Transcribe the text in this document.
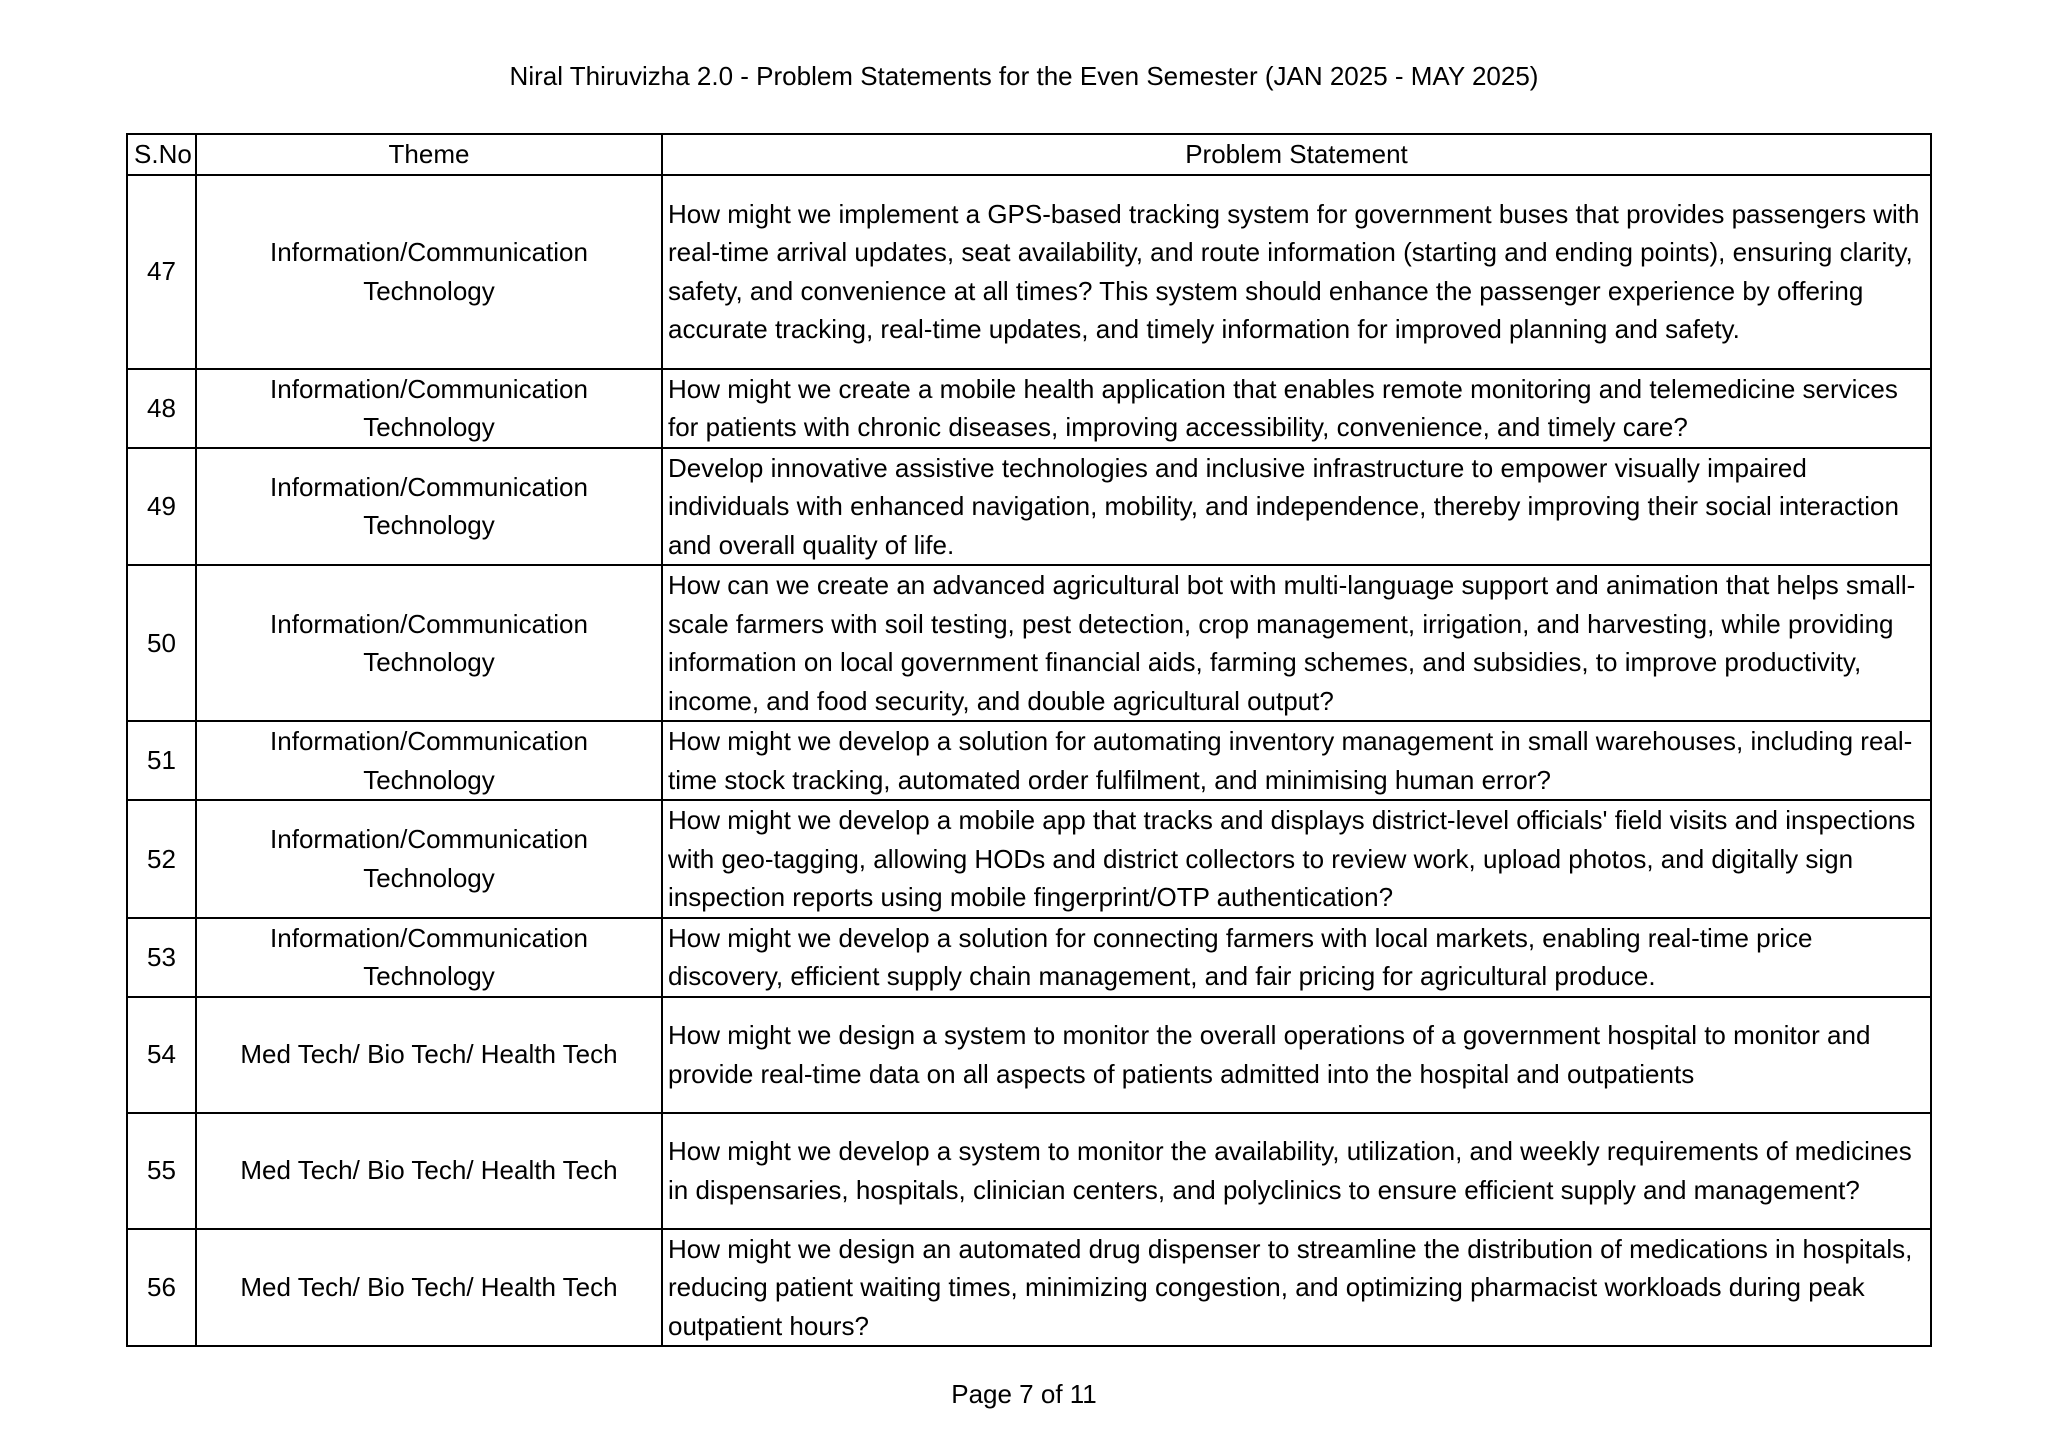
Niral Thiruvizha 2.0 - Problem Statements for the Even Semester (JAN 2025 - MAY 2025)
S.No	Theme	Problem Statement
47	Information/Communication Technology	How might we implement a GPS-based tracking system for government buses that provides passengers with real-time arrival updates, seat availability, and route information (starting and ending points), ensuring clarity, safety, and convenience at all times? This system should enhance the passenger experience by offering accurate tracking, real-time updates, and timely information for improved planning and safety.
48	Information/Communication Technology	How might we create a mobile health application that enables remote monitoring and telemedicine services for patients with chronic diseases, improving accessibility, convenience, and timely care?
49	Information/Communication Technology	Develop innovative assistive technologies and inclusive infrastructure to empower visually impaired individuals with enhanced navigation, mobility, and independence, thereby improving their social interaction and overall quality of life.
50	Information/Communication Technology	How can we create an advanced agricultural bot with multi-language support and animation that helps small-scale farmers with soil testing, pest detection, crop management, irrigation, and harvesting, while providing information on local government financial aids, farming schemes, and subsidies, to improve productivity, income, and food security, and double agricultural output?
51	Information/Communication Technology	How might we develop a solution for automating inventory management in small warehouses, including real-time stock tracking, automated order fulfilment, and minimising human error?
52	Information/Communication Technology	How might we develop a mobile app that tracks and displays district-level officials' field visits and inspections with geo-tagging, allowing HODs and district collectors to review work, upload photos, and digitally sign inspection reports using mobile fingerprint/OTP authentication?
53	Information/Communication Technology	How might we develop a solution for connecting farmers with local markets, enabling real-time price discovery, efficient supply chain management, and fair pricing for agricultural produce.
54	Med Tech/ Bio Tech/ Health Tech	How might we design a system to monitor the overall operations of a government hospital to monitor and provide real-time data on all aspects of patients admitted into the hospital and outpatients
55	Med Tech/ Bio Tech/ Health Tech	How might we develop a system to monitor the availability, utilization, and weekly requirements of medicines in dispensaries, hospitals, clinician centers, and polyclinics to ensure efficient supply and management?
56	Med Tech/ Bio Tech/ Health Tech	How might we design an automated drug dispenser to streamline the distribution of medications in hospitals, reducing patient waiting times, minimizing congestion, and optimizing pharmacist workloads during peak outpatient hours?
Page 7 of 11
